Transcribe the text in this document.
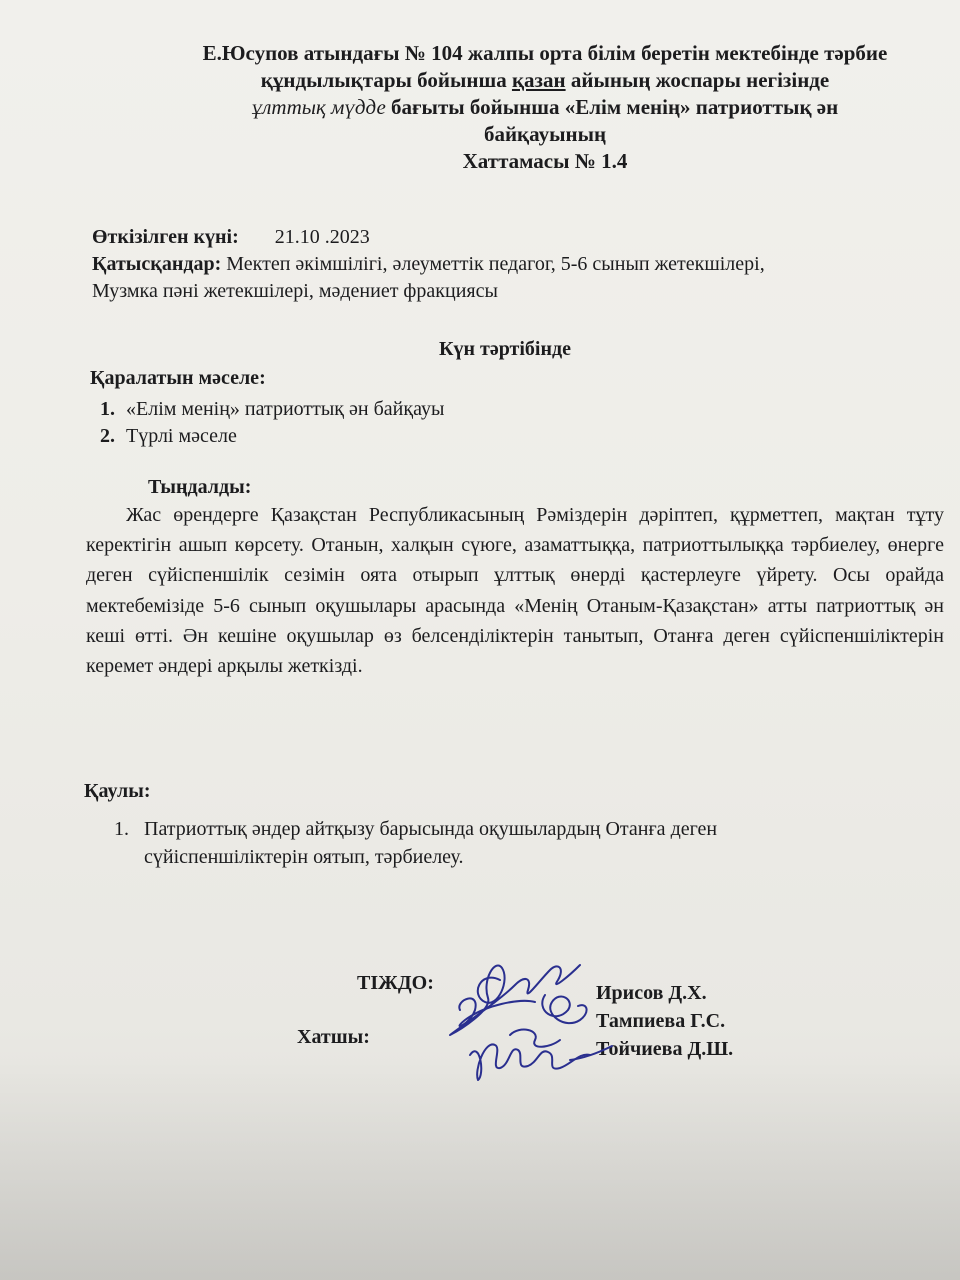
Е.Юсупов атындағы № 104 жалпы орта білім беретін мектебінде тәрбие
құндылықтары бойынша қазан айының жоспары негізінде
ұлттық мүдде бағыты бойынша «Елім менің» патриоттық ән
байқауының
Хаттамасы № 1.4
Өткізілген күні: 21.10 .2023
Қатысқандар: Мектеп әкімшілігі, әлеуметтік педагог, 5-6 сынып жетекшілері,
Музмка пәні жетекшілері, мәдениет фракциясы
Күн тәртібінде
Қаралатын мәселе:
1. «Елім менің» патриоттық ән байқауы
2. Түрлі мәселе
Тыңдалды:
Жас өрендерге Қазақстан Республикасының Рәміздерін дәріптеп, құрметтеп, мақтан тұту керектігін ашып көрсету. Отанын, халқын сүюге, азаматтыққа, патриоттылыққа тәрбиелеу, өнерге деген сүйіспеншілік сезімін оята отырып ұлттық өнерді қастерлеуге үйрету. Осы орайда мектебемізіде 5-6 сынып оқушылары арасында «Менің Отаным-Қазақстан» атты патриоттық ән кеші өтті. Ән кешіне оқушылар өз белсенділіктерін танытып, Отанға деген сүйіспеншіліктерін керемет әндері арқылы жеткізді.
Қаулы:
1. Патриоттық әндер айтқызу барысында оқушылардың Отанға деген
сүйіспеншіліктерін оятып, тәрбиелеу.
ТІЖДО:
Хатшы:
Ирисов Д.Х.
Тампиева Г.С.
Тойчиева Д.Ш.
